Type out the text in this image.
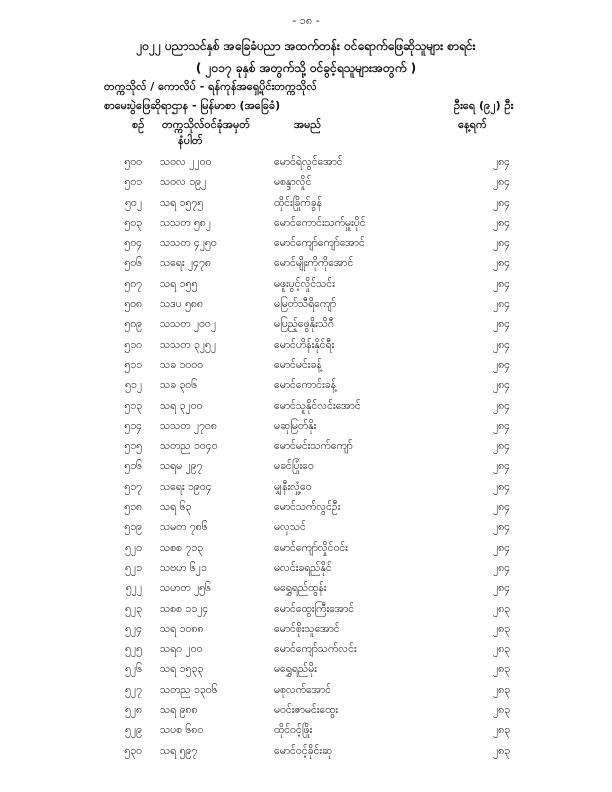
- ၁၈ -
၂၀၂၂ ပညာသင်နှစ် အခြေခံပညာ အထက်တန်း ဝင်ရောက်ဖြေဆိုသူများ စာရင်း
( ၂၀၁၇ ခုနှစ် အတွက်သို့ ဝင်ခွင့်ရသူများအတွက် )
တက္ကသိုလ် / ကောလိပ် - ရန်ကုန်အရှေ့ပိုင်းတက္ကသိုလ်
စာမေးပွဲဖြေဆိုရာဌာန - မြန်မာစာ (အခြေခံ)	ဦးရေ (၉၂) ဦး
စဉ် တက္ကသိုလ်ဝင်ခုံအမှတ်
နံပါတ်
အမည်	နေ့ရက်
၅၀၀ သဝလ ၂၂၀၀	မောင်ရဲလွင်အောင်	၂၈၄
၅၀၁ သဝလ ၁၉၂	မစန္ဒာလှိုင်	၂၈၄
၅၀၂ သရ ၁၅၇၅	ထိုင်းခြိုက်ခွန်	၂၈၄
၅၀၃ သသတ ၅၈၂	မောင်ကောင်းသက်မှူးပိုင်	၂၈၄
၅၀၄ သသတ ၄၂၅၀	မောင်ကျော်ကျော်အောင်	၂၈၄
၅၀၆ သရေး ၂၄၇၈	မောင်မျိုးကိုကိုအောင်	၂၈၄
၅၀၇ သရ ၁၅၅	မဖူးပွင့်လှိုင်သင်း	၂၈၄
၅၀၈ သဒပ ၅၈၈	မမြတ်သီရိကျော်	၂၈၄
၅၀၉ သသတ ၂၀၀၂	မပြည့်ဖွေနိုးသိဂီ	၂၈၄
၅၁၀ သသတ ၃၂၅၂	မောင်ဟိန်းနိုင်ရီး	၂၈၄
၅၁၁ သခ ၁၀၀၀	မောင်မင်းခန့်	၂၈၄
၅၁၂ သခ ၃၀၆	မောင်ကောင်းခန့်	၂၈၄
၅၁၃ သရ ၃၂၀၀	မောင်သူနိုင်လင်းအောင်	၂၈၄
၅၁၄ သသတ ၂၇၀၈	မဆုမြတ်နိုး	၂၈၄
၅၁၅ သတည ၁၀၄၀	မောင်မင်းသက်ကျော်	၂၈၄
၅၁၆ သရမ ၂၉၇	မခင်ပြုံးဝေ	၂၈၄
၅၁၇ သရေး ၁၉၀၄	မျှနီးလှုံ့ဝေ	၂၈၄
၅၁၈ သရ ၆၃	မောင်သက်လွင်ဦး	၂၈၄
၅၁၉ သမတ ၇၈၆	မလှသင်	၂၈၄
၅၂၀ သစစ ၇၁၃	မောင်ကျော်လှိုင်ဝင်း	၂၈၄
၅၂၁ သဗဟ ၆၂၁	မလင်းခရည်နိုင်	၂၈၄
၅၂၂ သဟတ ၂၅၆	မရွှေရည်ထွန်း	၂၈၄
၅၂၃ သစစ ၁၁၂၄	မောင်ထွေးကြီးအောင်	၂၈၃
၅၂၄ သရ ၁၀၈၈	မောင်စိုးသူအောင်	၂၈၃
၅၂၅ သရ၀ ၂၀၀	မောင်ကျော်သက်လင်း	၂၈၃
၅၂၆ သရ ၁၅၃၃	မရွှေရည်မိုး	၂၈၃
၅၂၇ သတည ၁၃၀၆	မစုလက်အောင်	၂၈၃
၅၂၈ သရ ၉၈၈	မဝင်းဇာမင်းထွေး	၂၈၃
၅၂၉ သပစ ၆၈၀	ထိုင်ဝင့်ဖြိုး	၂၈၃
၅၃၀ သရ ၅၉၇	မောင်ဝင့်ခိုင်းဆု	၂၈၃
